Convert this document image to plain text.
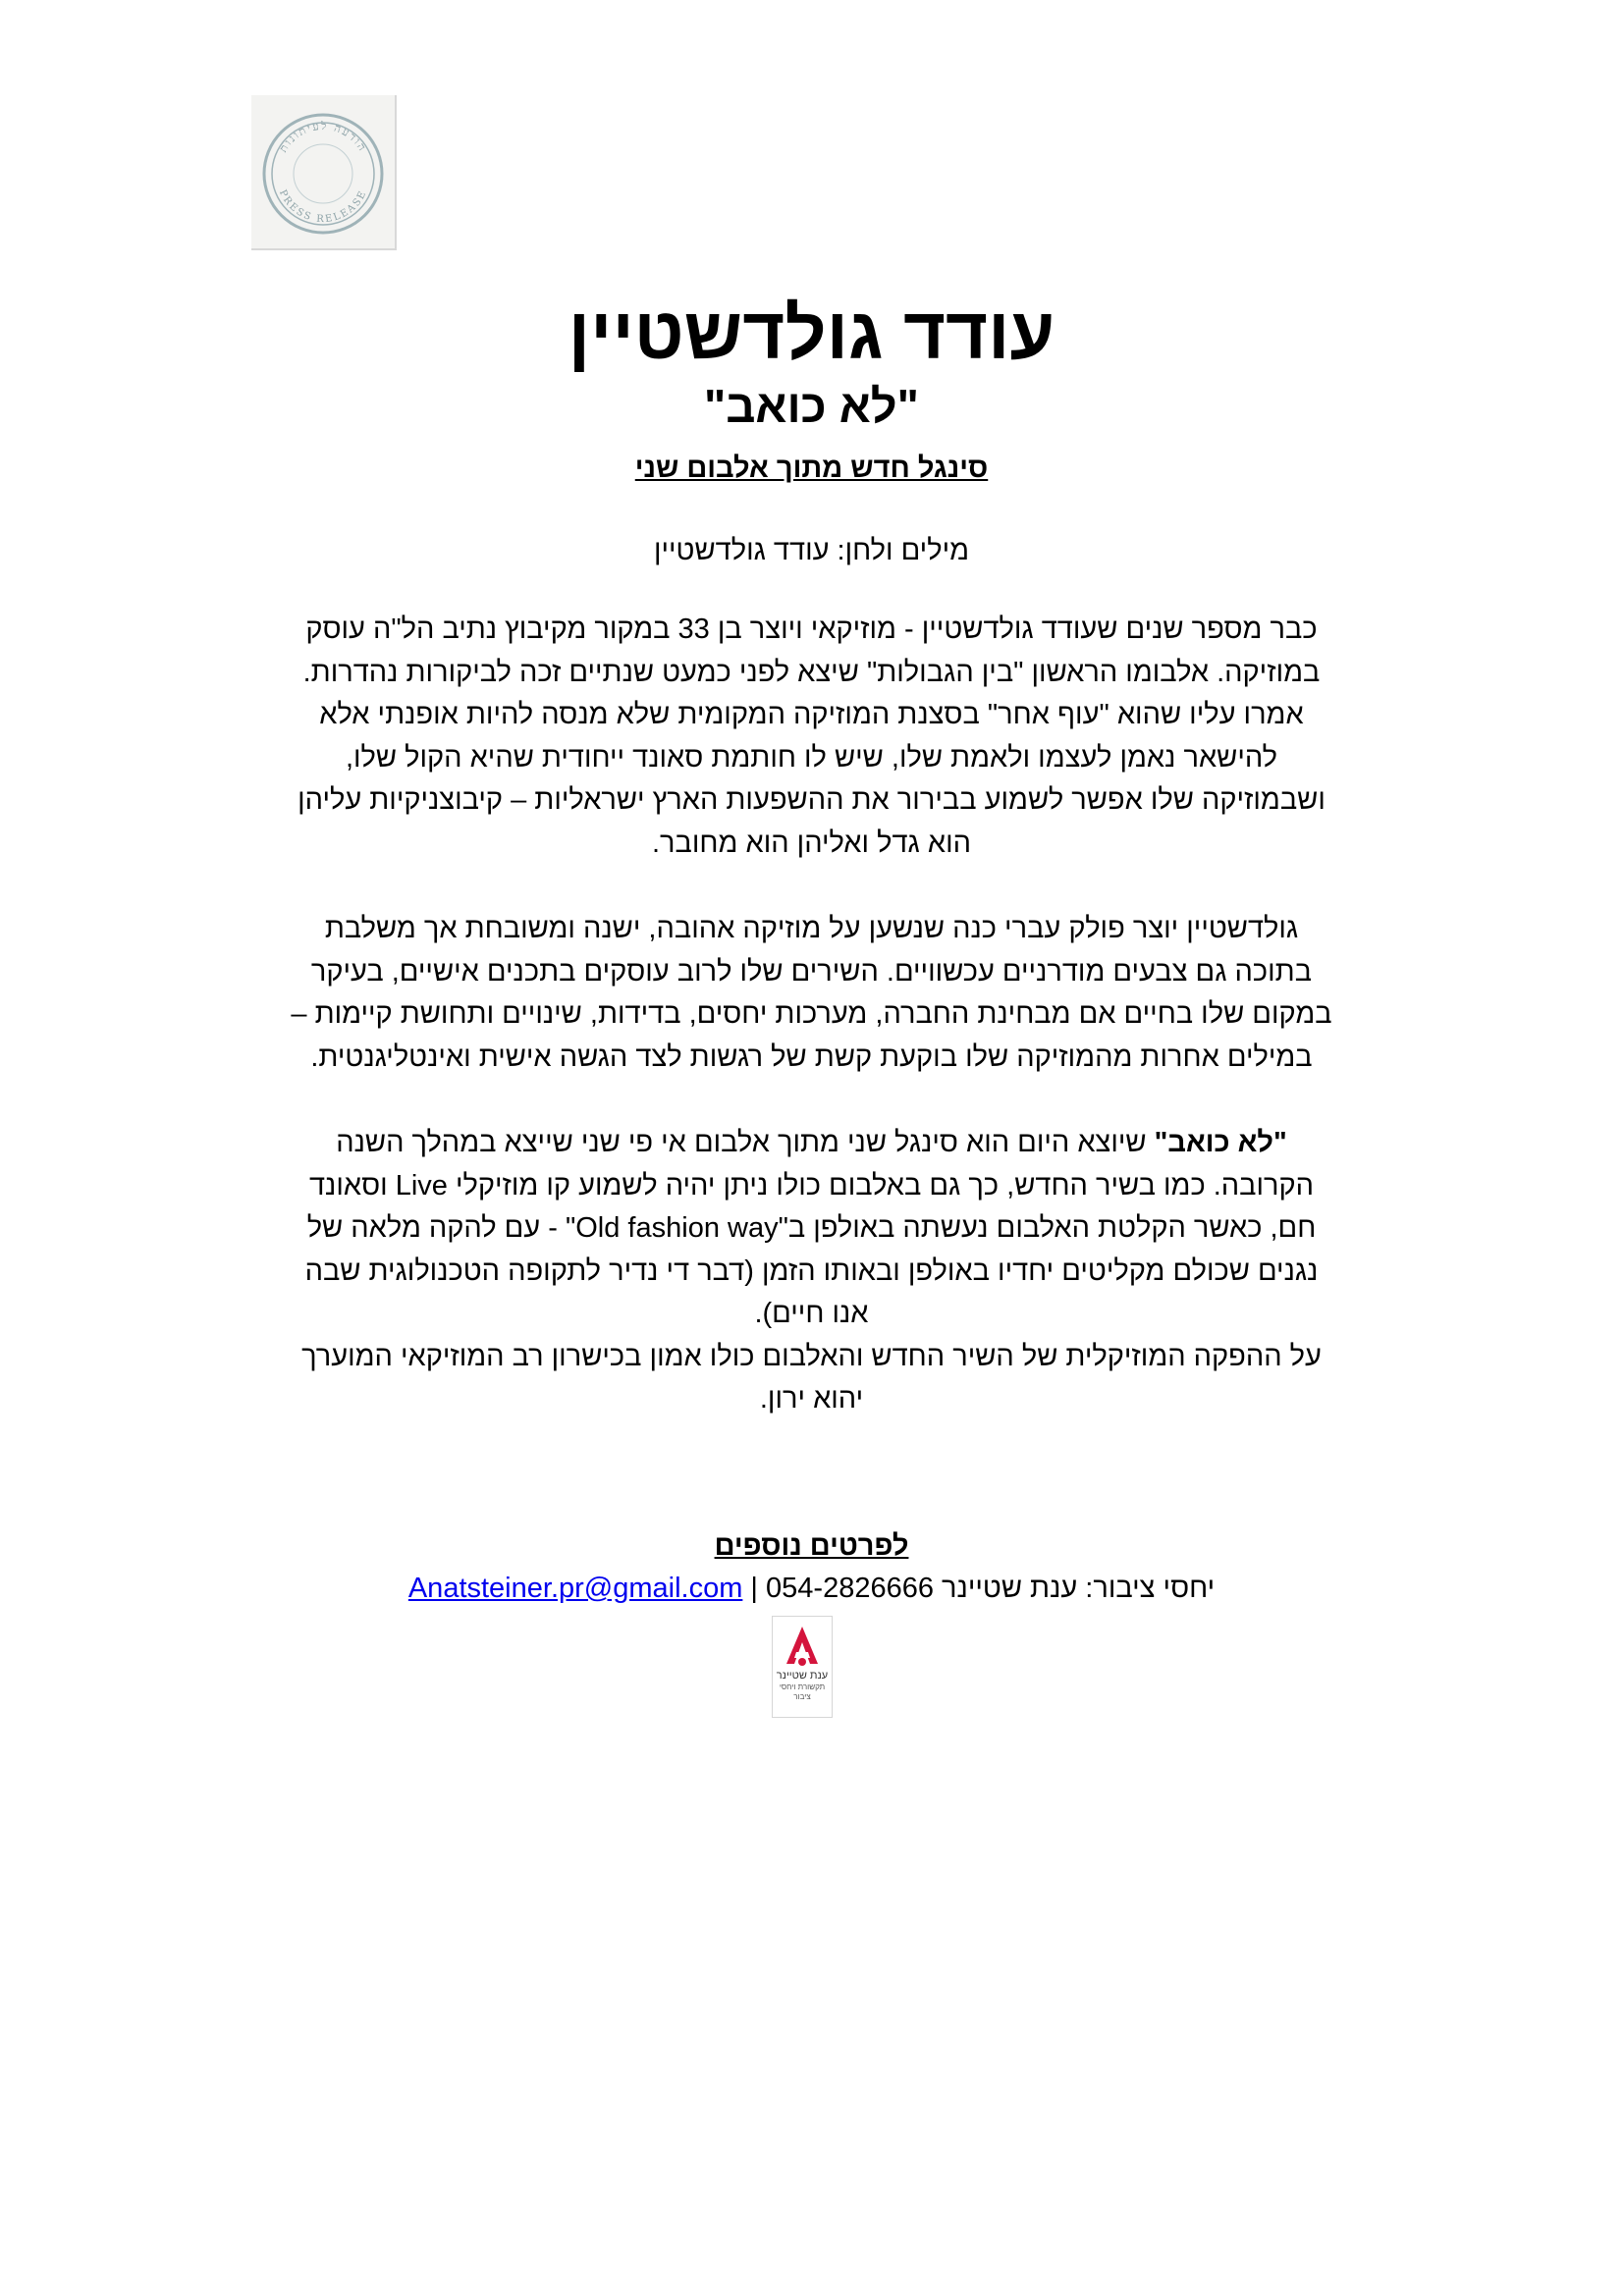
הודעה לעיתונות
PRESS RELEASE
עודד גולדשטיין
"לא כואב"
סינגל חדש מתוך אלבום שני
מילים ולחן: עודד גולדשטיין

כבר מספר שנים שעודד גולדשטיין - מוזיקאי ויוצר בן 33 במקור מקיבוץ נתיב הל"ה עוסק

במוזיקה. אלבומו הראשון "בין הגבולות" שיצא לפני כמעט שנתיים זכה לביקורות נהדרות.

אמרו עליו שהוא "עוף אחר" בסצנת המוזיקה המקומית שלא מנסה להיות אופנתי אלא

להישאר נאמן לעצמו ולאמת שלו, שיש לו חותמת סאונד ייחודית שהיא הקול שלו,

ושבמוזיקה שלו אפשר לשמוע בבירור את ההשפעות הארץ ישראליות – קיבוצניקיות עליהן

הוא גדל ואליהן הוא מחובר.

גולדשטיין יוצר פולק עברי כנה שנשען על מוזיקה אהובה, ישנה ומשובחת אך משלבת

בתוכה גם צבעים מודרניים עכשוויים. השירים שלו לרוב עוסקים בתכנים אישיים, בעיקר

במקום שלו בחיים אם מבחינת החברה, מערכות יחסים, בדידות, שינויים ותחושת קיימות –

במילים אחרות מהמוזיקה שלו בוקעת קשת של רגשות לצד הגשה אישית ואינטליגנטית.

"לא כואב" שיוצא היום הוא סינגל שני מתוך אלבום אי פי שני שייצא במהלך השנה

הקרובה. כמו בשיר החדש, כך גם באלבום כולו ניתן יהיה לשמוע קו מוזיקלי Live וסאונד

חם, כאשר הקלטת האלבום נעשתה באולפן ב"Old fashion way" - עם להקה מלאה של

נגנים שכולם מקליטים יחדיו באולפן ובאותו הזמן (דבר די נדיר לתקופה הטכנולוגית שבה

אנו חיים).

על ההפקה המוזיקלית של השיר החדש והאלבום כולו אמון בכישרון רב המוזיקאי המוערך

יהוא ירון.

לפרטים נוספים
יחסי ציבור: ענת שטיינר 054-2826666 | Anatsteiner.pr@gmail.com
ענת שטיינר
תקשורת ויחסי ציבור
